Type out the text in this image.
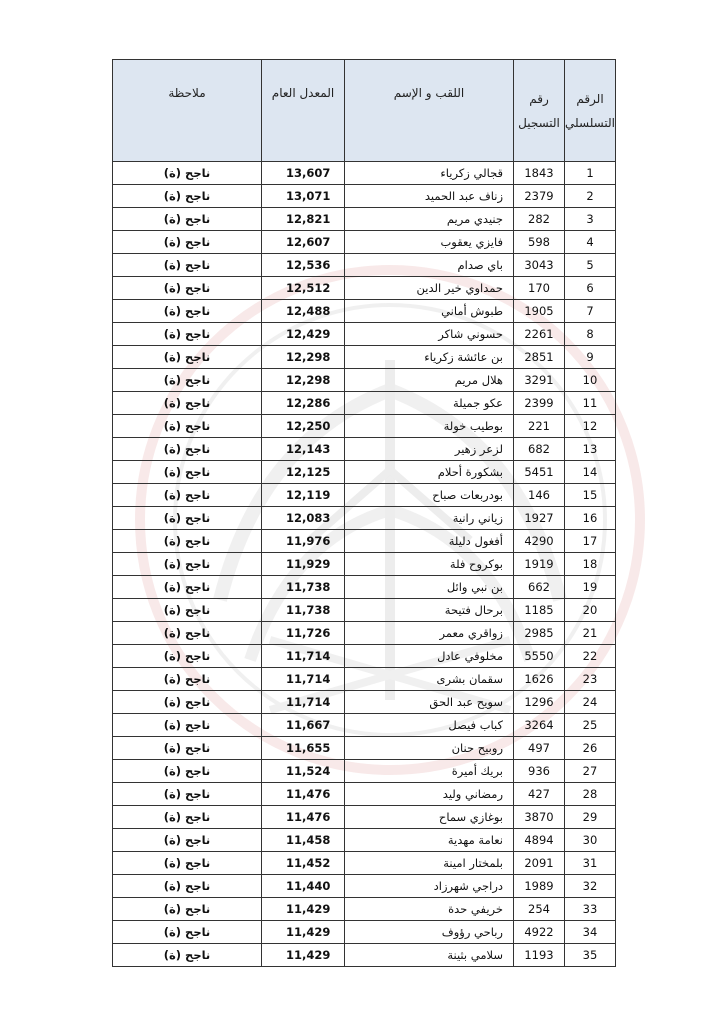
الرقم التسلسلي	رقم التسجيل	اللقب و الإسم	المعدل العام	ملاحظة
1	1843	قجالي زكرياء	13,607	ناجح (ة)
2	2379	زناف عبد الحميد	13,071	ناجح (ة)
3	282	جنيدي مريم	12,821	ناجح (ة)
4	598	فايزي يعقوب	12,607	ناجح (ة)
5	3043	باي صدام	12,536	ناجح (ة)
6	170	حمداوي خير الدين	12,512	ناجح (ة)
7	1905	طبوش أماني	12,488	ناجح (ة)
8	2261	حسوني شاكر	12,429	ناجح (ة)
9	2851	بن عائشة زكرياء	12,298	ناجح (ة)
10	3291	هلال مريم	12,298	ناجح (ة)
11	2399	عكو جميلة	12,286	ناجح (ة)
12	221	بوطيب خولة	12,250	ناجح (ة)
13	682	لزعر زهير	12,143	ناجح (ة)
14	5451	بشكورة أحلام	12,125	ناجح (ة)
15	146	بودربعات صباح	12,119	ناجح (ة)
16	1927	زياني رانية	12,083	ناجح (ة)
17	4290	أفغول دليلة	11,976	ناجح (ة)
18	1919	بوكروح فلة	11,929	ناجح (ة)
19	662	بن نبي وائل	11,738	ناجح (ة)
20	1185	برحال فتيحة	11,738	ناجح (ة)
21	2985	زواقري معمر	11,726	ناجح (ة)
22	5550	مخلوفي عادل	11,714	ناجح (ة)
23	1626	سقمان بشرى	11,714	ناجح (ة)
24	1296	سويح عبد الحق	11,714	ناجح (ة)
25	3264	كباب فيصل	11,667	ناجح (ة)
26	497	روبيح حنان	11,655	ناجح (ة)
27	936	بريك أميرة	11,524	ناجح (ة)
28	427	رمضاني وليد	11,476	ناجح (ة)
29	3870	بوغازي سماح	11,476	ناجح (ة)
30	4894	نعامة مهدية	11,458	ناجح (ة)
31	2091	بلمختار امينة	11,452	ناجح (ة)
32	1989	دراجي شهرزاد	11,440	ناجح (ة)
33	254	خريفي حدة	11,429	ناجح (ة)
34	4922	رباحي رؤوف	11,429	ناجح (ة)
35	1193	سلامي بثينة	11,429	ناجح (ة)
